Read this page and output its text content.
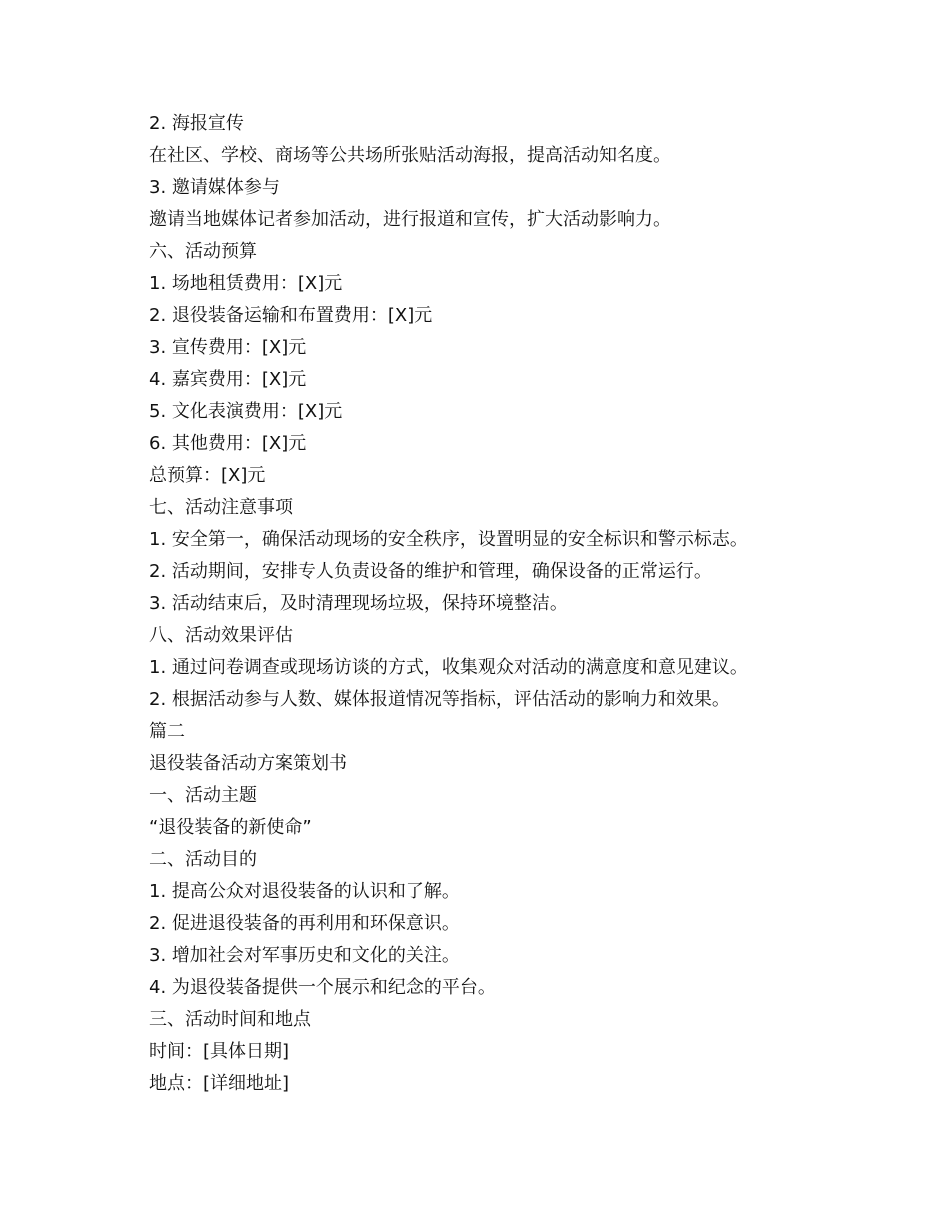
2. 海报宣传

在社区、学校、商场等公共场所张贴活动海报，提高活动知名度。

3. 邀请媒体参与

邀请当地媒体记者参加活动，进行报道和宣传，扩大活动影响力。

六、活动预算

1. 场地租赁费用：[X]元

2. 退役装备运输和布置费用：[X]元

3. 宣传费用：[X]元

4. 嘉宾费用：[X]元

5. 文化表演费用：[X]元

6. 其他费用：[X]元

总预算：[X]元

七、活动注意事项

1. 安全第一，确保活动现场的安全秩序，设置明显的安全标识和警示标志。

2. 活动期间，安排专人负责设备的维护和管理，确保设备的正常运行。

3. 活动结束后，及时清理现场垃圾，保持环境整洁。

八、活动效果评估

1. 通过问卷调查或现场访谈的方式，收集观众对活动的满意度和意见建议。

2. 根据活动参与人数、媒体报道情况等指标，评估活动的影响力和效果。

篇二

退役装备活动方案策划书

一、活动主题

“退役装备的新使命”

二、活动目的

1. 提高公众对退役装备的认识和了解。

2. 促进退役装备的再利用和环保意识。

3. 增加社会对军事历史和文化的关注。

4. 为退役装备提供一个展示和纪念的平台。

三、活动时间和地点

时间：[具体日期]

地点：[详细地址]
